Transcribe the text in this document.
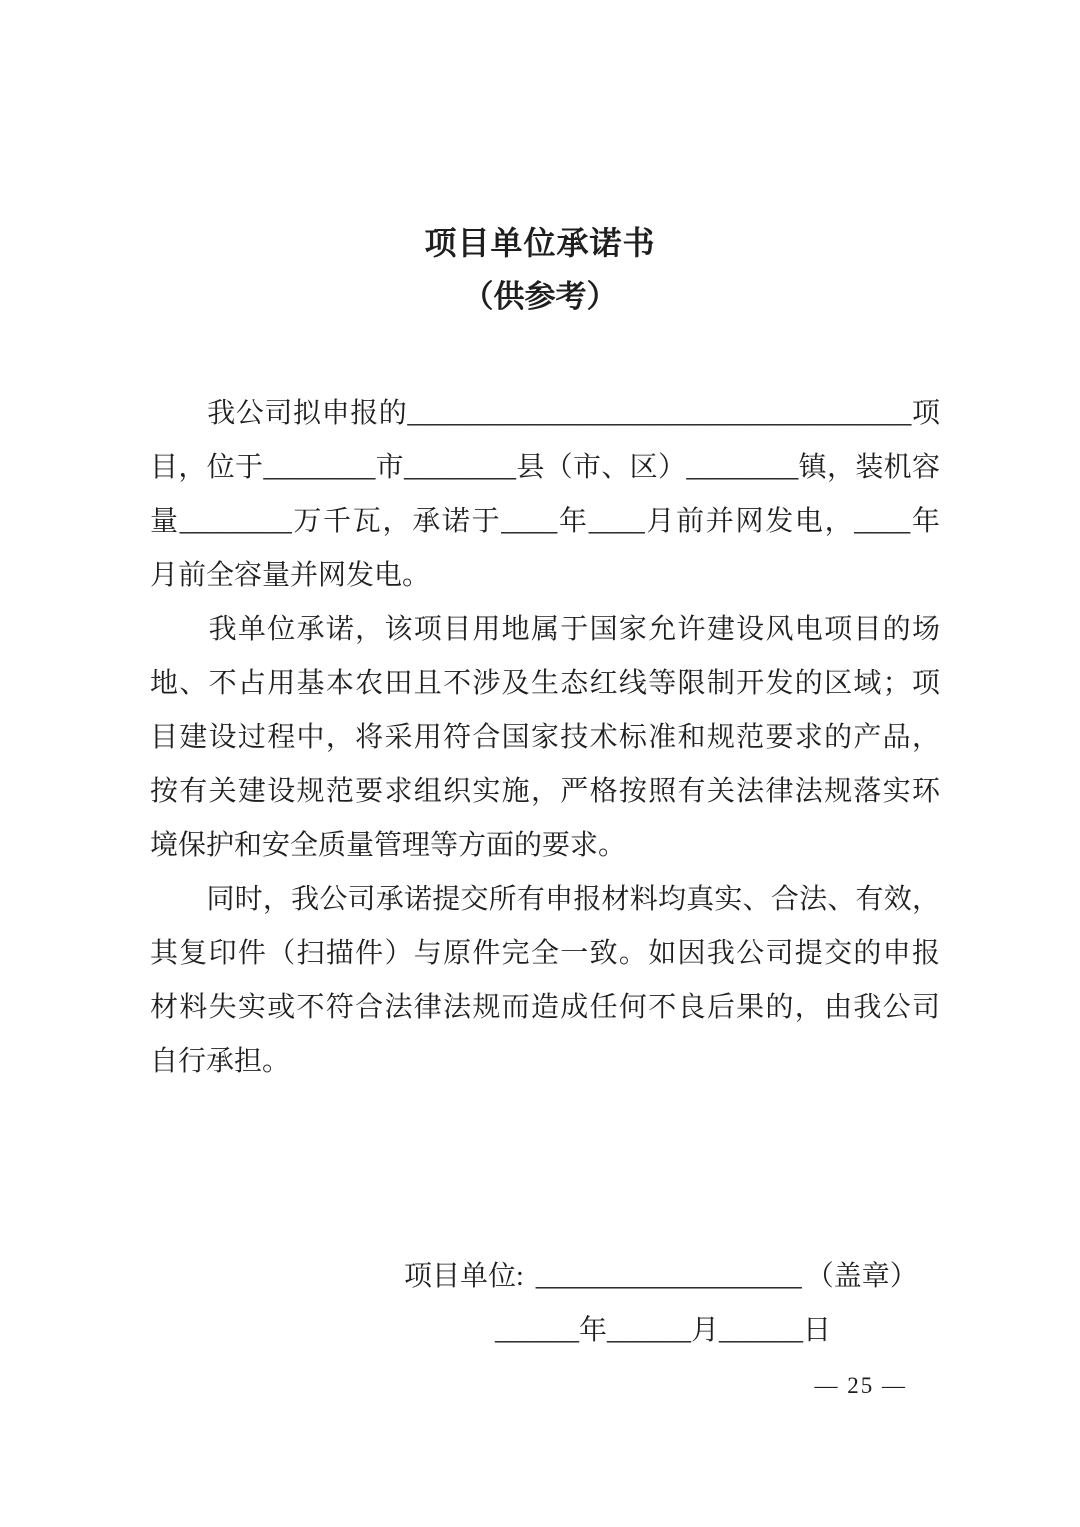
项目单位承诺书
（供参考）
　　我公司拟申报的____________________________________项
目，位于________市________县（市、区）________镇，装机容
量________万千瓦，承诺于____年____月前并网发电，____年
月前全容量并网发电。
　　我单位承诺，该项目用地属于国家允许建设风电项目的场
地、不占用基本农田且不涉及生态红线等限制开发的区域；项
目建设过程中，将采用符合国家技术标准和规范要求的产品，
按有关建设规范要求组织实施，严格按照有关法律法规落实环
境保护和安全质量管理等方面的要求。
　　同时，我公司承诺提交所有申报材料均真实、合法、有效，
其复印件（扫描件）与原件完全一致。如因我公司提交的申报
材料失实或不符合法律法规而造成任何不良后果的，由我公司
自行承担。
项目单位: ___________________ （盖章）
______年______月______日
— 25 —
